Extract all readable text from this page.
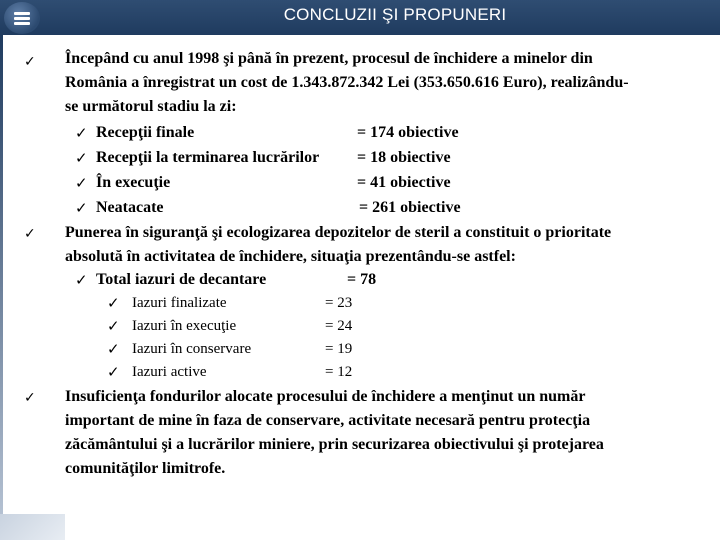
CONCLUZII ŞI PROPUNERI
✓ Începând cu anul 1998 şi până în prezent, procesul de închidere a minelor din
România a înregistrat un cost de 1.343.872.342 Lei (353.650.616 Euro), realizându-
se următorul stadiu la zi:
✓ Recepţii finale	= 174 obiective
✓ Recepţii la terminarea lucrărilor = 18 obiective
✓ În execuţie	= 41 obiective
✓ Neatacate	= 261 obiective
✓ Punerea în siguranţă şi ecologizarea depozitelor de steril a constituit o prioritate
absolută în activitatea de închidere, situaţia prezentându-se astfel:
✓ Total iazuri de decantare	= 78
✓ Iazuri finalizate	= 23
✓ Iazuri în execuţie	= 24
✓ Iazuri în conservare	= 19
✓ Iazuri active	= 12
✓ Insuficienţa fondurilor alocate procesului de închidere a menţinut un număr
important de mine în faza de conservare, activitate necesară pentru protecţia
zăcământului şi a lucrărilor miniere, prin securizarea obiectivului şi protejarea
comunităţilor limitrofe.
